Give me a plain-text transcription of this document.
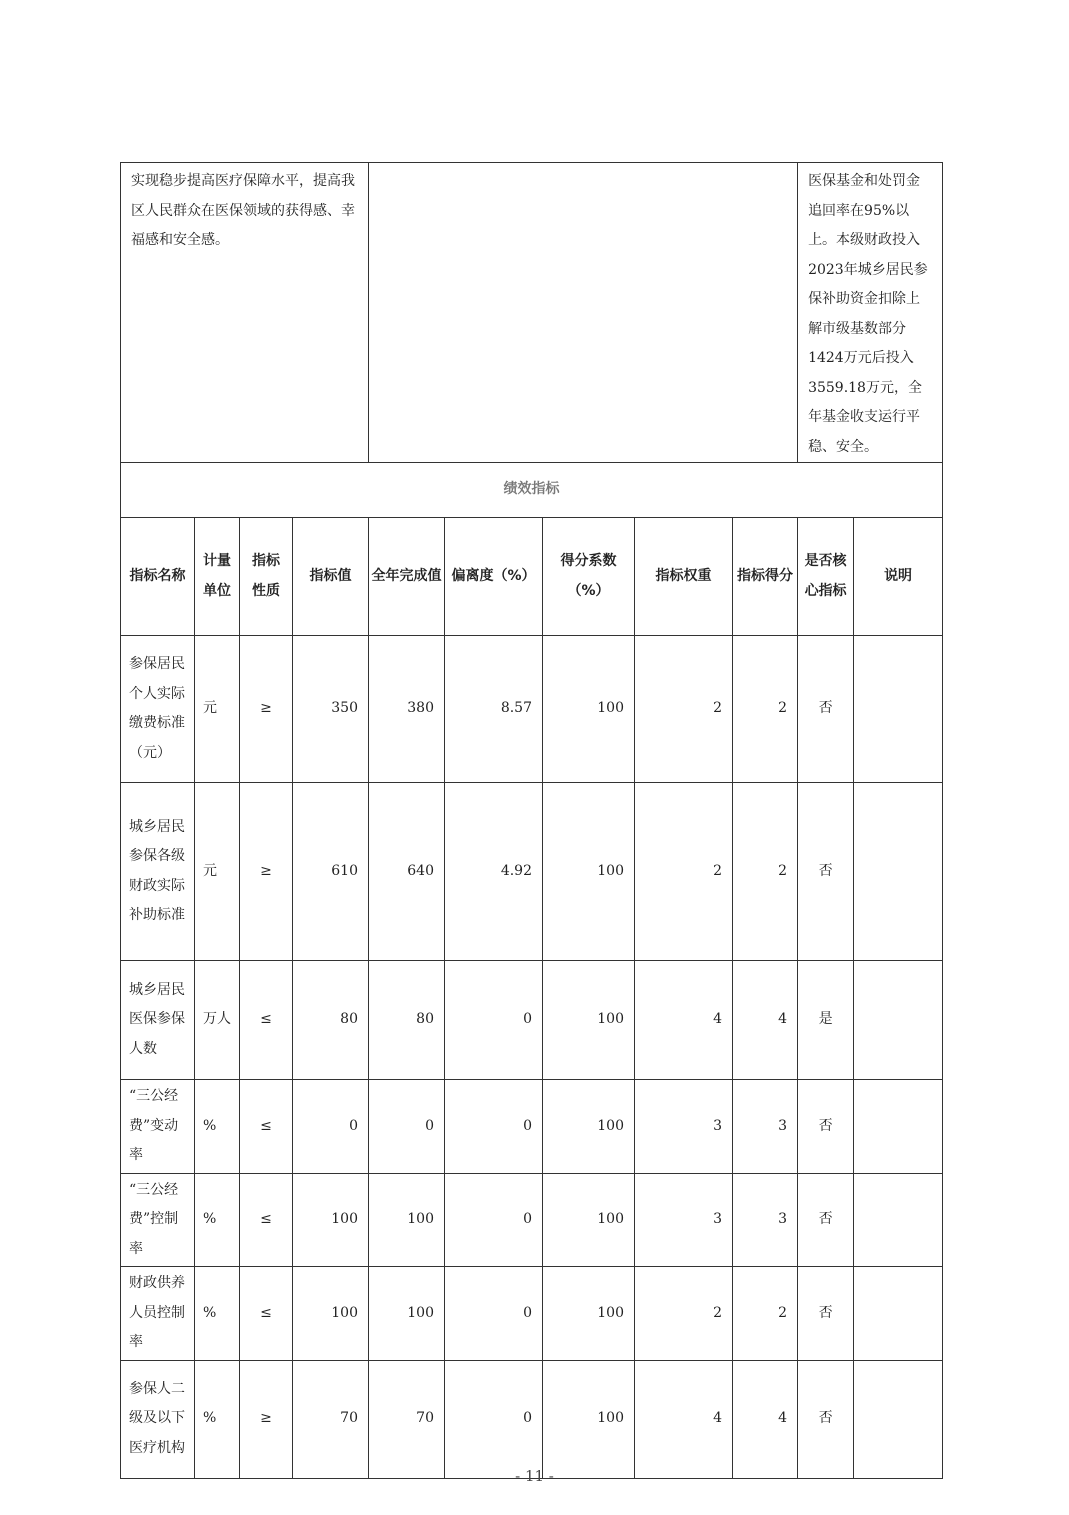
实现稳步提高医疗保障水平，提高我区人民群众在医保领域的获得感、幸福感和安全感。									医保基金和处罚金追回率在95%以上。本级财政投入2023年城乡居民参保补助资金扣除上解市级基数部分1424万元后投入3559.18万元，全年基金收支运行平稳、安全。	
绩效指标										
指标名称	计量单位	指标性质	指标值	全年完成值	偏离度（%）	得分系数（%）	指标权重	指标得分	是否核心指标	说明
参保居民个人实际缴费标准（元）	元	≥	350	380	8.57	100	2	2	否	
城乡居民参保各级财政实际补助标准	元	≥	610	640	4.92	100	2	2	否	
城乡居民医保参保人数	万人	≤	80	80	0	100	4	4	是	
“三公经费”变动率	%	≤	0	0	0	100	3	3	否	
“三公经费”控制率	%	≤	100	100	0	100	3	3	否	
财政供养人员控制率	%	≤	100	100	0	100	2	2	否	
参保人二级及以下医疗机构	%	≥	70	70	0	100	4	4	否	
- 11 -
